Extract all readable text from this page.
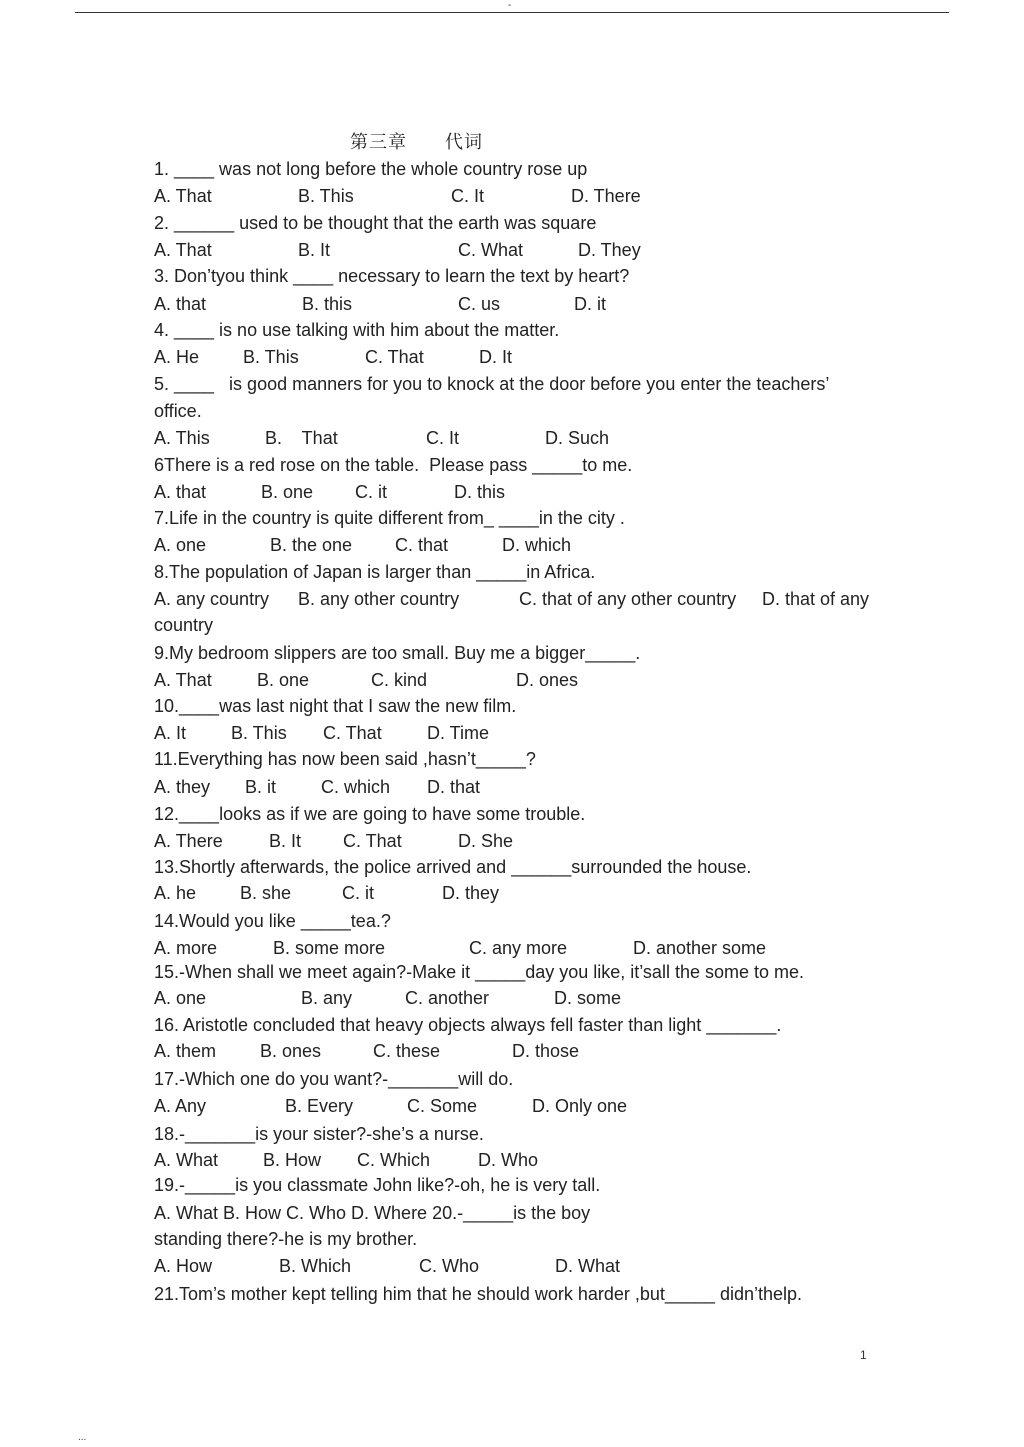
-
第三章　　代词
1. ____ was not long before the whole country rose up
A. That	B. This	C. It	D. There
2. ______ used to be thought that the earth was square
A. That	B. It	C. What	D. They
3. Don’tyou think ____ necessary to learn the text by heart?
A. that	B. this	C. us	D. it
4. ____ is no use talking with him about the matter.
A. He B. This	C. That	D. It
5. ____   is good manners for you to knock at the door before you enter the teachers’
office.
A. This	B.    That	C. It	D. Such
6There is a red rose on the table.  Please pass _____to me.
A. that	B. one C. it	D. this
7.Life in the country is quite different from_ ____in the city .
A. one	B. the one C. that	D. which
8.The population of Japan is larger than _____in Africa.
A. any country B. any other country	C. that of any other country D. that of any
country
9.My bedroom slippers are too small. Buy me a bigger_____.
A. That	B. one	C. kind	D. ones
10.____was last night that I saw the new film.
A. It B. This C. That	D. Time
11.Everything has now been said ,hasn’t_____?
A. they B. it C. which D. that
12.____looks as if we are going to have some trouble.
A. There	B. It C. That	D. She
13.Shortly afterwards, the police arrived and ______surrounded the house.
A. he B. she	C. it	D. they
14.Would you like _____tea.?
A. more	B. some more	C. any more	D. another some
15.-When shall we meet again?-Make it _____day you like, it’sall the some to me.
A. one	B. any	C. another	D. some
16. Aristotle concluded that heavy objects always fell faster than light _______.
A. them B. ones	C. these	D. those
17.-Which one do you want?-_______will do.
A. Any	B. Every	C. Some	D. Only one
18.-_______is your sister?-she’s a nurse.
A. What B. How C. Which	D. Who
19.-_____is you classmate John like?-oh, he is very tall.
A. What B. How C. Who D. Where 20.-_____is the boy
standing there?-he is my brother.
A. How	B. Which	C. Who	D. What
21.Tom’s mother kept telling him that he should work harder ,but_____ didn’thelp.
1
...
